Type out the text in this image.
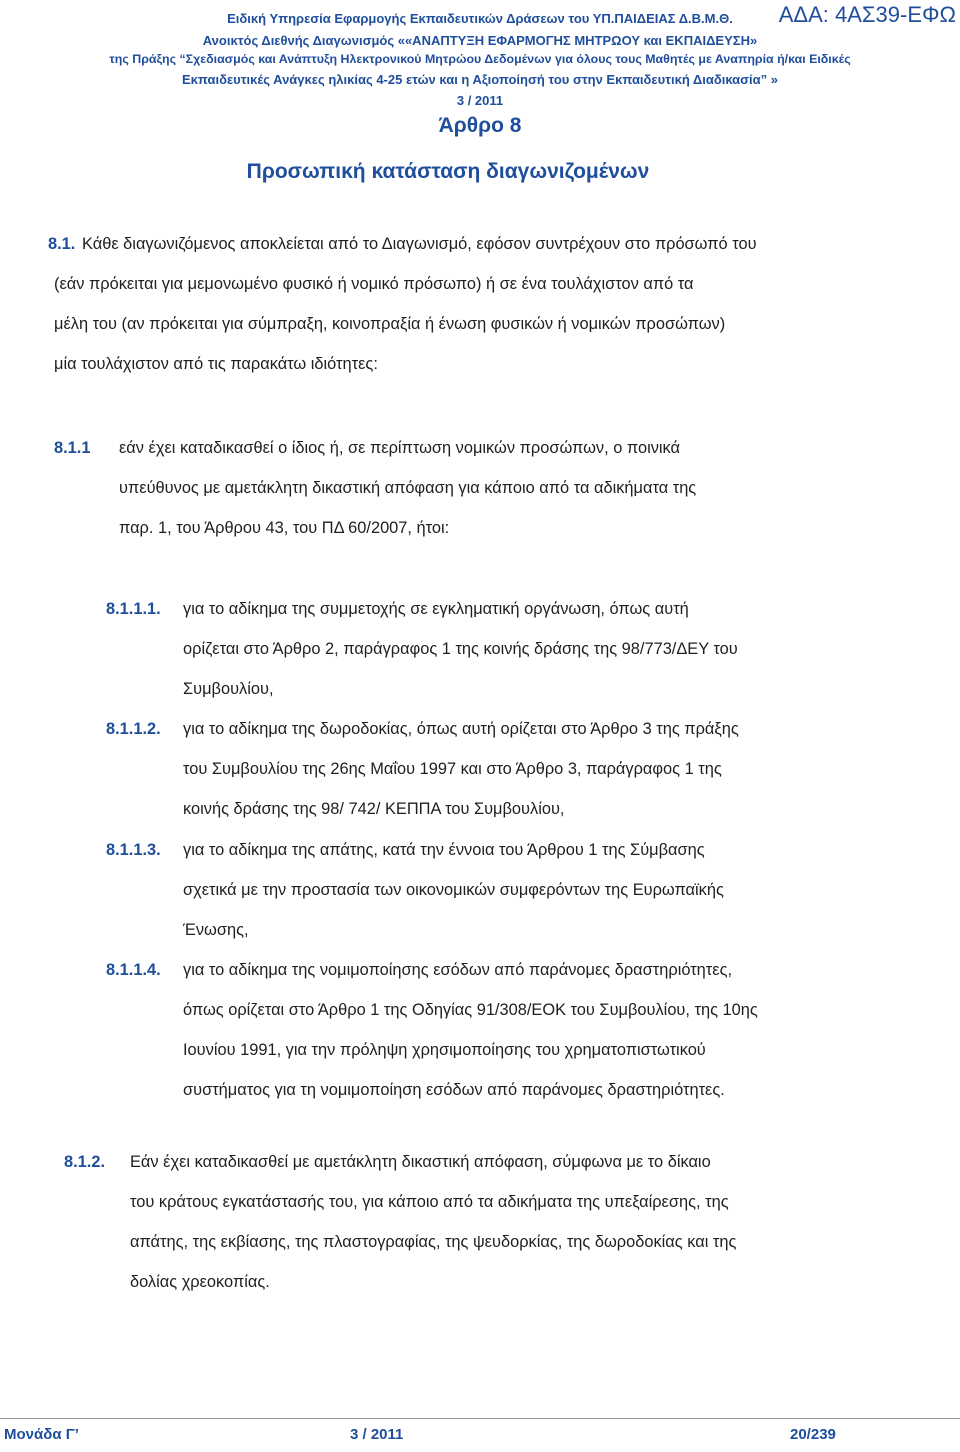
Ειδική Υπηρεσία Εφαρμογής Εκπαιδευτικών Δράσεων του ΥΠ.ΠΑΙΔΕΙΑΣ Δ.Β.Μ.Θ.	ΑΔΑ: 4ΑΣ39-ΕΦΩ
Ανοικτός Διεθνής Διαγωνισμός ««ΑΝΑΠΤΥΞΗ ΕΦΑΡΜΟΓΗΣ ΜΗΤΡΩΟΥ και ΕΚΠΑΙΔΕΥΣΗ»
της Πράξης “Σχεδιασμός και Ανάπτυξη Ηλεκτρονικού Μητρώου Δεδομένων για όλους τους Μαθητές με Αναπηρία ή/και Ειδικές
Εκπαιδευτικές Ανάγκες ηλικίας 4-25 ετών και η Αξιοποίησή του στην Εκπαιδευτική Διαδικασία” »
3 / 2011
Άρθρο 8
Προσωπική κατάσταση διαγωνιζομένων
8.1. Κάθε διαγωνιζόμενος αποκλείεται από το Διαγωνισμό, εφόσον συντρέχουν στο πρόσωπό του
(εάν πρόκειται για μεμονωμένο φυσικό ή νομικό πρόσωπο) ή σε ένα τουλάχιστον από τα
μέλη του (αν πρόκειται για σύμπραξη, κοινοπραξία ή ένωση φυσικών ή νομικών προσώπων)
μία τουλάχιστον από τις παρακάτω ιδιότητες:
8.1.1 εάν έχει καταδικασθεί ο ίδιος ή, σε περίπτωση νομικών προσώπων, ο ποινικά
υπεύθυνος με αμετάκλητη δικαστική απόφαση για κάποιο από τα αδικήματα της
παρ. 1, του Άρθρου 43, του ΠΔ 60/2007, ήτοι:
8.1.1.1. για το αδίκημα της συμμετοχής σε εγκληματική οργάνωση, όπως αυτή
ορίζεται στο Άρθρο 2, παράγραφος 1 της κοινής δράσης της 98/773/ΔΕΥ του
Συμβουλίου,
8.1.1.2. για το αδίκημα της δωροδοκίας, όπως αυτή ορίζεται στο Άρθρο 3 της πράξης
του Συμβουλίου της 26ης Μαΐου 1997 και στο Άρθρο 3, παράγραφος 1 της
κοινής δράσης της 98/ 742/ ΚΕΠΠΑ του Συμβουλίου,
8.1.1.3. για το αδίκημα της απάτης, κατά την έννοια του Άρθρου 1 της Σύμβασης
σχετικά με την προστασία των οικονομικών συμφερόντων της Ευρωπαϊκής
Ένωσης,
8.1.1.4. για το αδίκημα της νομιμοποίησης εσόδων από παράνομες δραστηριότητες,
όπως ορίζεται στο Άρθρο 1 της Οδηγίας 91/308/ΕΟΚ του Συμβουλίου, της 10ης
Ιουνίου 1991, για την πρόληψη χρησιμοποίησης του χρηματοπιστωτικού
συστήματος για τη νομιμοποίηση εσόδων από παράνομες δραστηριότητες.
8.1.2. Εάν έχει καταδικασθεί με αμετάκλητη δικαστική απόφαση, σύμφωνα με το δίκαιο
του κράτους εγκατάστασής του, για κάποιο από τα αδικήματα της υπεξαίρεσης, της
απάτης, της εκβίασης, της πλαστογραφίας, της ψευδορκίας, της δωροδοκίας και της
δολίας χρεοκοπίας.
Μονάδα Γ’	3 / 2011	20/239
